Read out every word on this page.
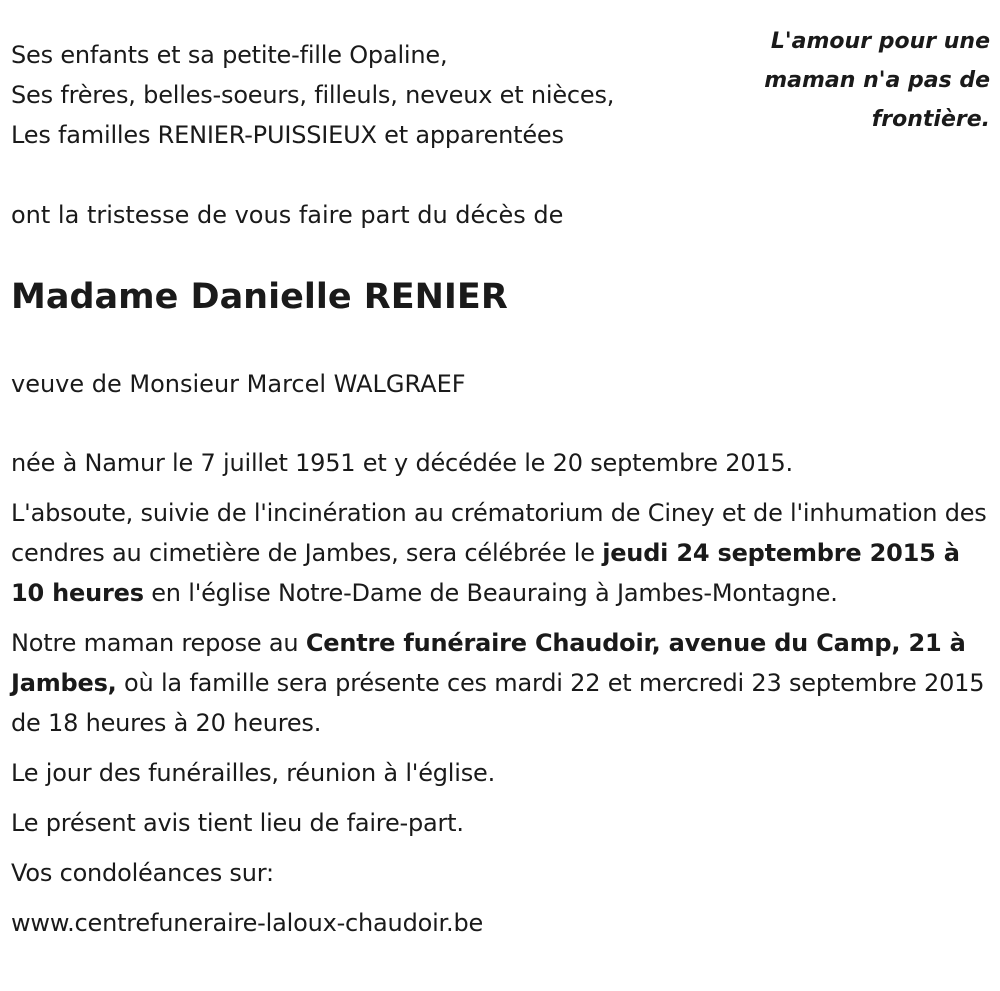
L'amour pour une
maman n'a pas de
frontière.
Ses enfants et sa petite-fille Opaline,
Ses frères, belles-soeurs, filleuls, neveux et nièces,
Les familles RENIER-PUISSIEUX et apparentées
ont la tristesse de vous faire part du décès de
Madame Danielle RENIER
veuve de Monsieur Marcel WALGRAEF

née à Namur le 7 juillet 1951 et y décédée le 20 septembre 2015.

L'absoute, suivie de l'incinération au crématorium de Ciney et de l'inhumation des cendres au cimetière de Jambes, sera célébrée le jeudi 24 septembre 2015 à 10 heures en l'église Notre-Dame de Beauraing à Jambes-Montagne.

Notre maman repose au Centre funéraire Chaudoir, avenue du Camp, 21 à Jambes, où la famille sera présente ces mardi 22 et mercredi 23 septembre 2015 de 18 heures à 20 heures.

Le jour des funérailles, réunion à l'église.

Le présent avis tient lieu de faire-part.

Vos condoléances sur:

www.centrefuneraire-laloux-chaudoir.be
